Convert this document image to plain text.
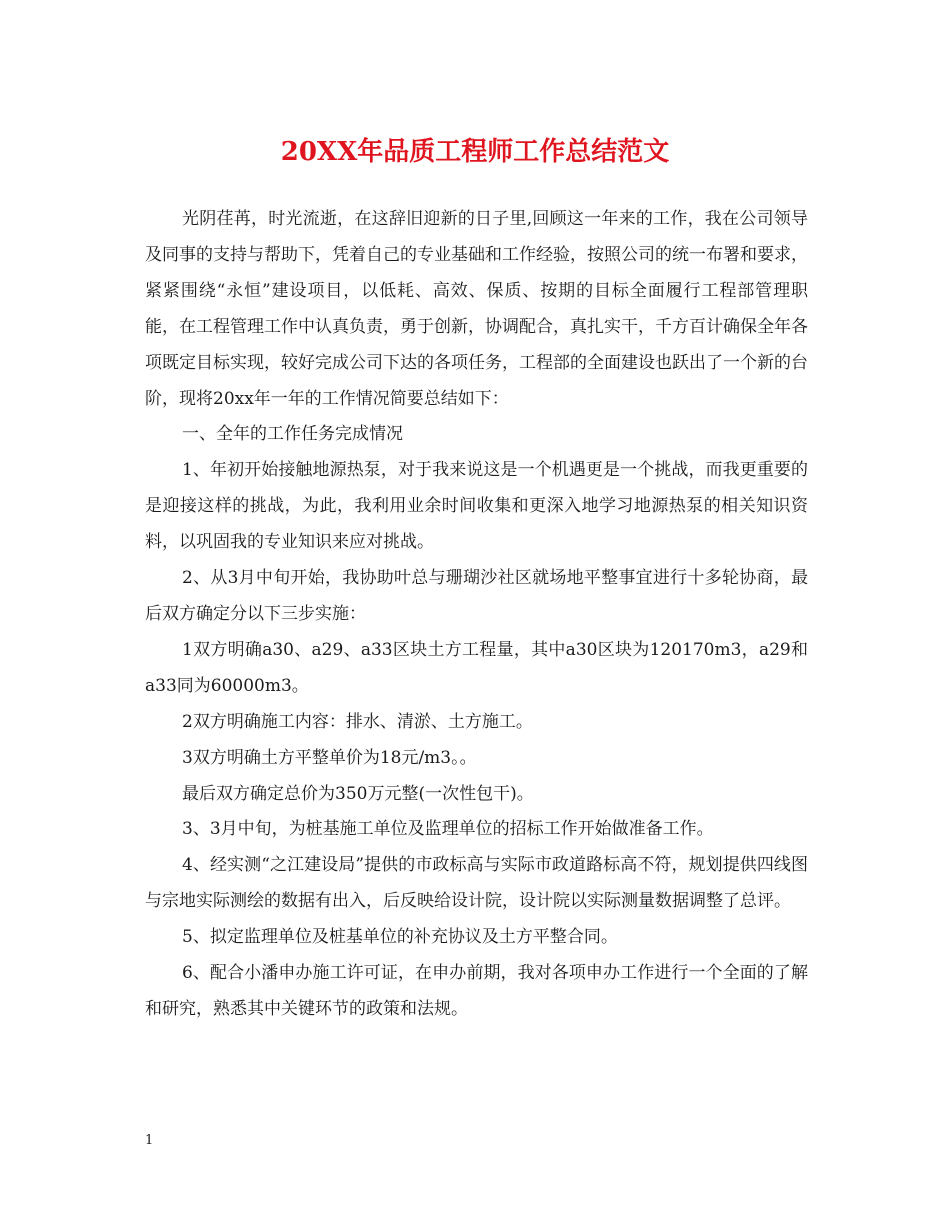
20XX年品质工程师工作总结范文

光阴荏苒，时光流逝，在这辞旧迎新的日子里,回顾这一年来的工作，我在公司领导及同事的支持与帮助下，凭着自己的专业基础和工作经验，按照公司的统一布署和要求，紧紧围绕“永恒”建设项目，以低耗、高效、保质、按期的目标全面履行工程部管理职能，在工程管理工作中认真负责，勇于创新，协调配合，真扎实干，千方百计确保全年各项既定目标实现，较好完成公司下达的各项任务，工程部的全面建设也跃出了一个新的台阶，现将20xx年一年的工作情况简要总结如下：

一、全年的工作任务完成情况

1、年初开始接触地源热泵，对于我来说这是一个机遇更是一个挑战，而我更重要的是迎接这样的挑战，为此，我利用业余时间收集和更深入地学习地源热泵的相关知识资料，以巩固我的专业知识来应对挑战。

2、从3月中旬开始，我协助叶总与珊瑚沙社区就场地平整事宜进行十多轮协商，最后双方确定分以下三步实施：

1双方明确a30、a29、a33区块土方工程量，其中a30区块为120170m3，a29和a33同为60000m3。

2双方明确施工内容：排水、清淤、土方施工。

3双方明确土方平整单价为18元/m3。。

最后双方确定总价为350万元整(一次性包干)。

3、3月中旬，为桩基施工单位及监理单位的招标工作开始做准备工作。

4、经实测“之江建设局”提供的市政标高与实际市政道路标高不符，规划提供四线图与宗地实际测绘的数据有出入，后反映给设计院，设计院以实际测量数据调整了总评。

5、拟定监理单位及桩基单位的补充协议及土方平整合同。

6、配合小潘申办施工许可证，在申办前期，我对各项申办工作进行一个全面的了解和研究，熟悉其中关键环节的政策和法规。

1
